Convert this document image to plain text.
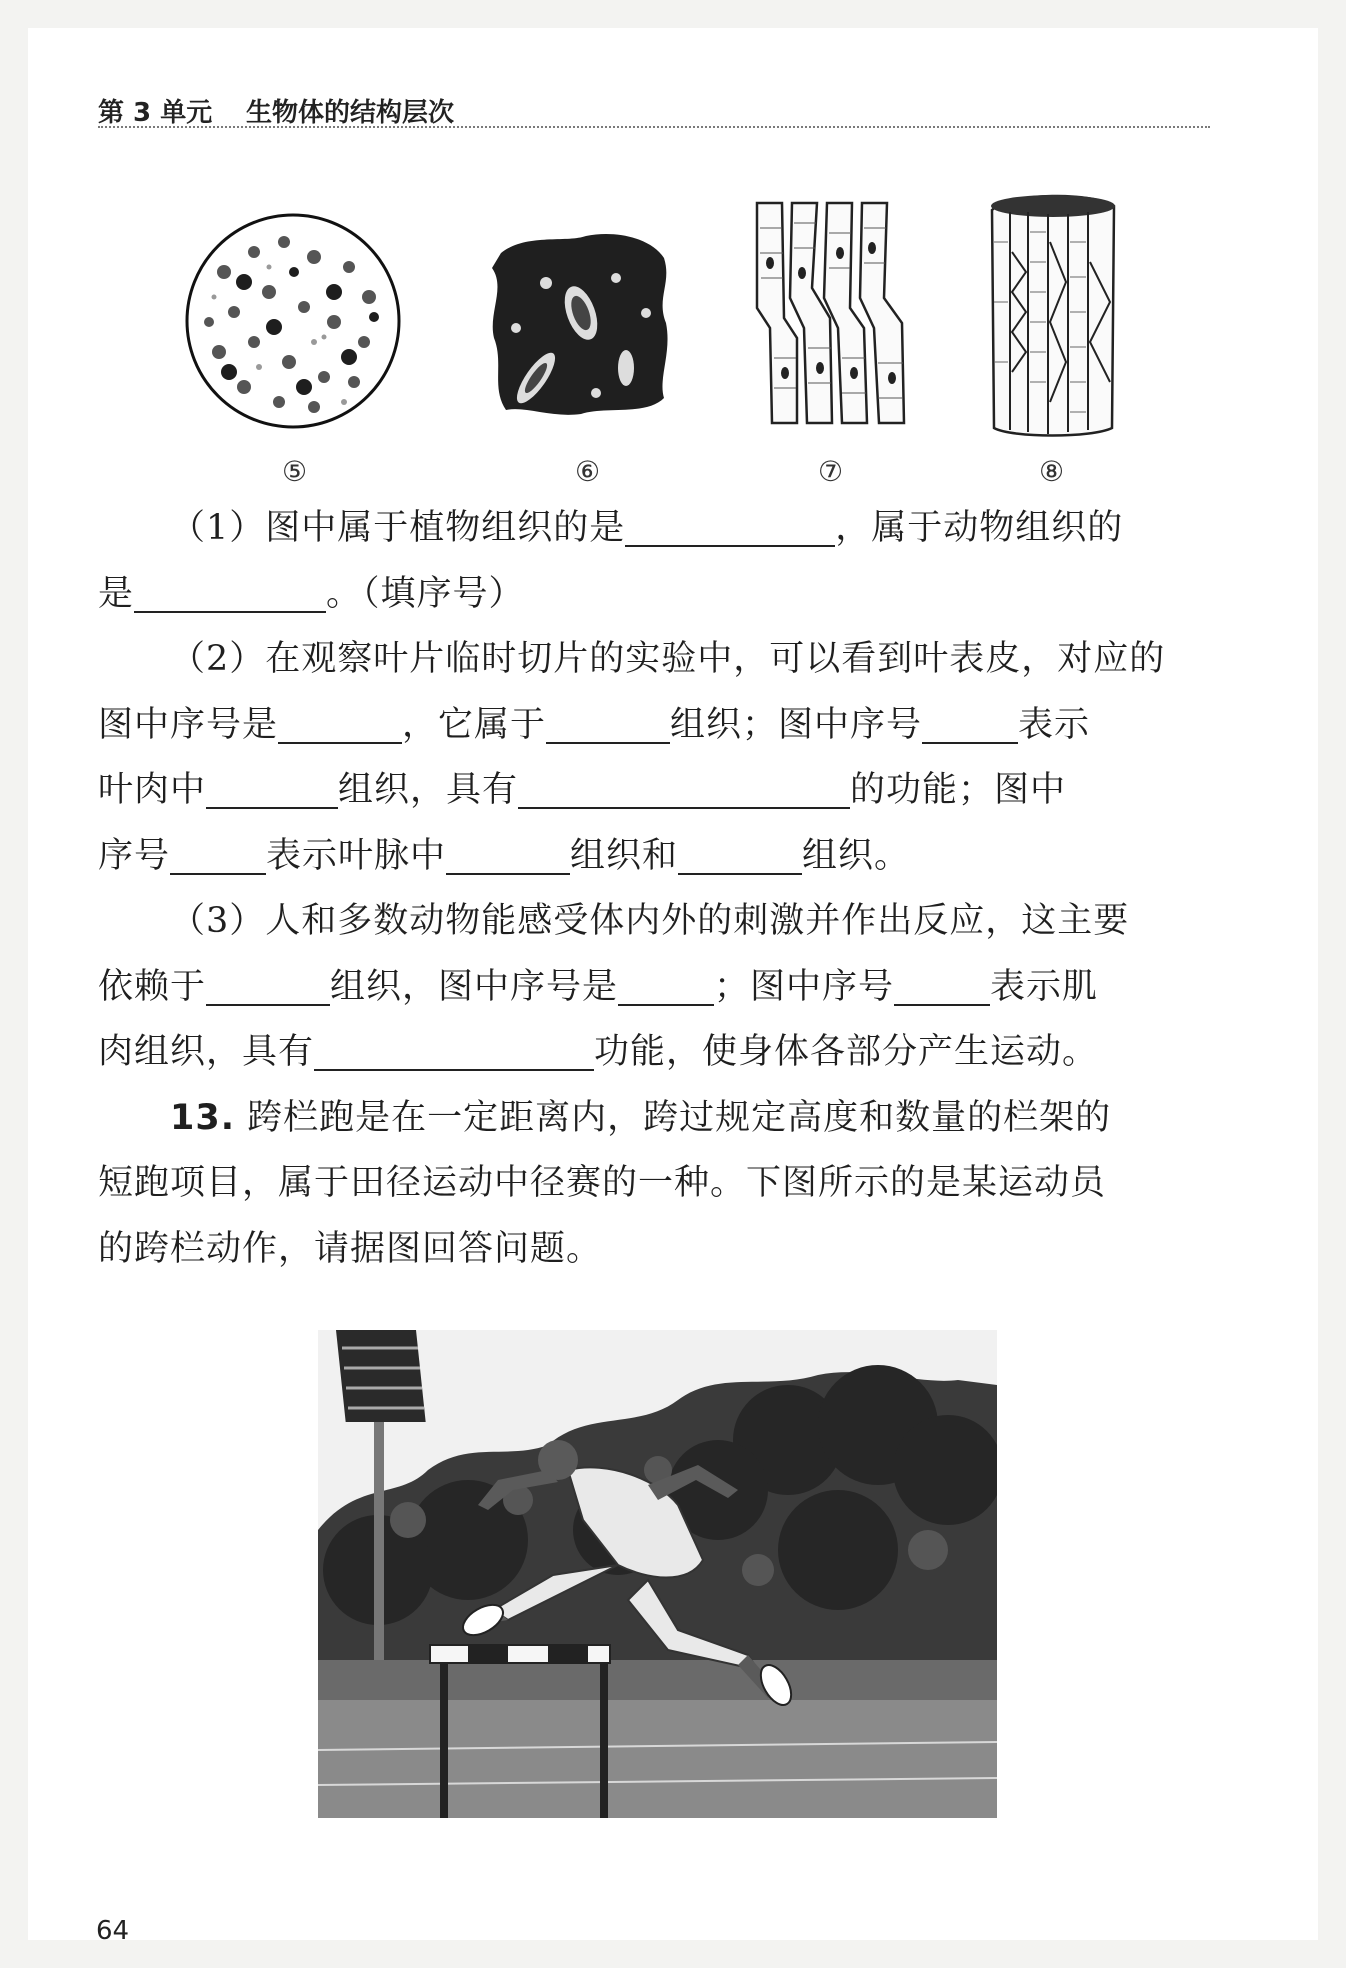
第 3 单元 生物体的结构层次
⑤	⑥	⑦	⑧
（1）图中属于植物组织的是	，属于动物组织的
是	。（填序号）
（2）在观察叶片临时切片的实验中，可以看到叶表皮，对应的
图中序号是	，它属于	组织；图中序号	表示
叶肉中	组织，具有	的功能；图中
序号	表示叶脉中	组织和	组织。
（3）人和多数动物能感受体内外的刺激并作出反应，这主要
依赖于	组织，图中序号是	；图中序号	表示肌
肉组织，具有	功能，使身体各部分产生运动。
13. 跨栏跑是在一定距离内，跨过规定高度和数量的栏架的
短跑项目，属于田径运动中径赛的一种。下图所示的是某运动员
的跨栏动作，请据图回答问题。
64
